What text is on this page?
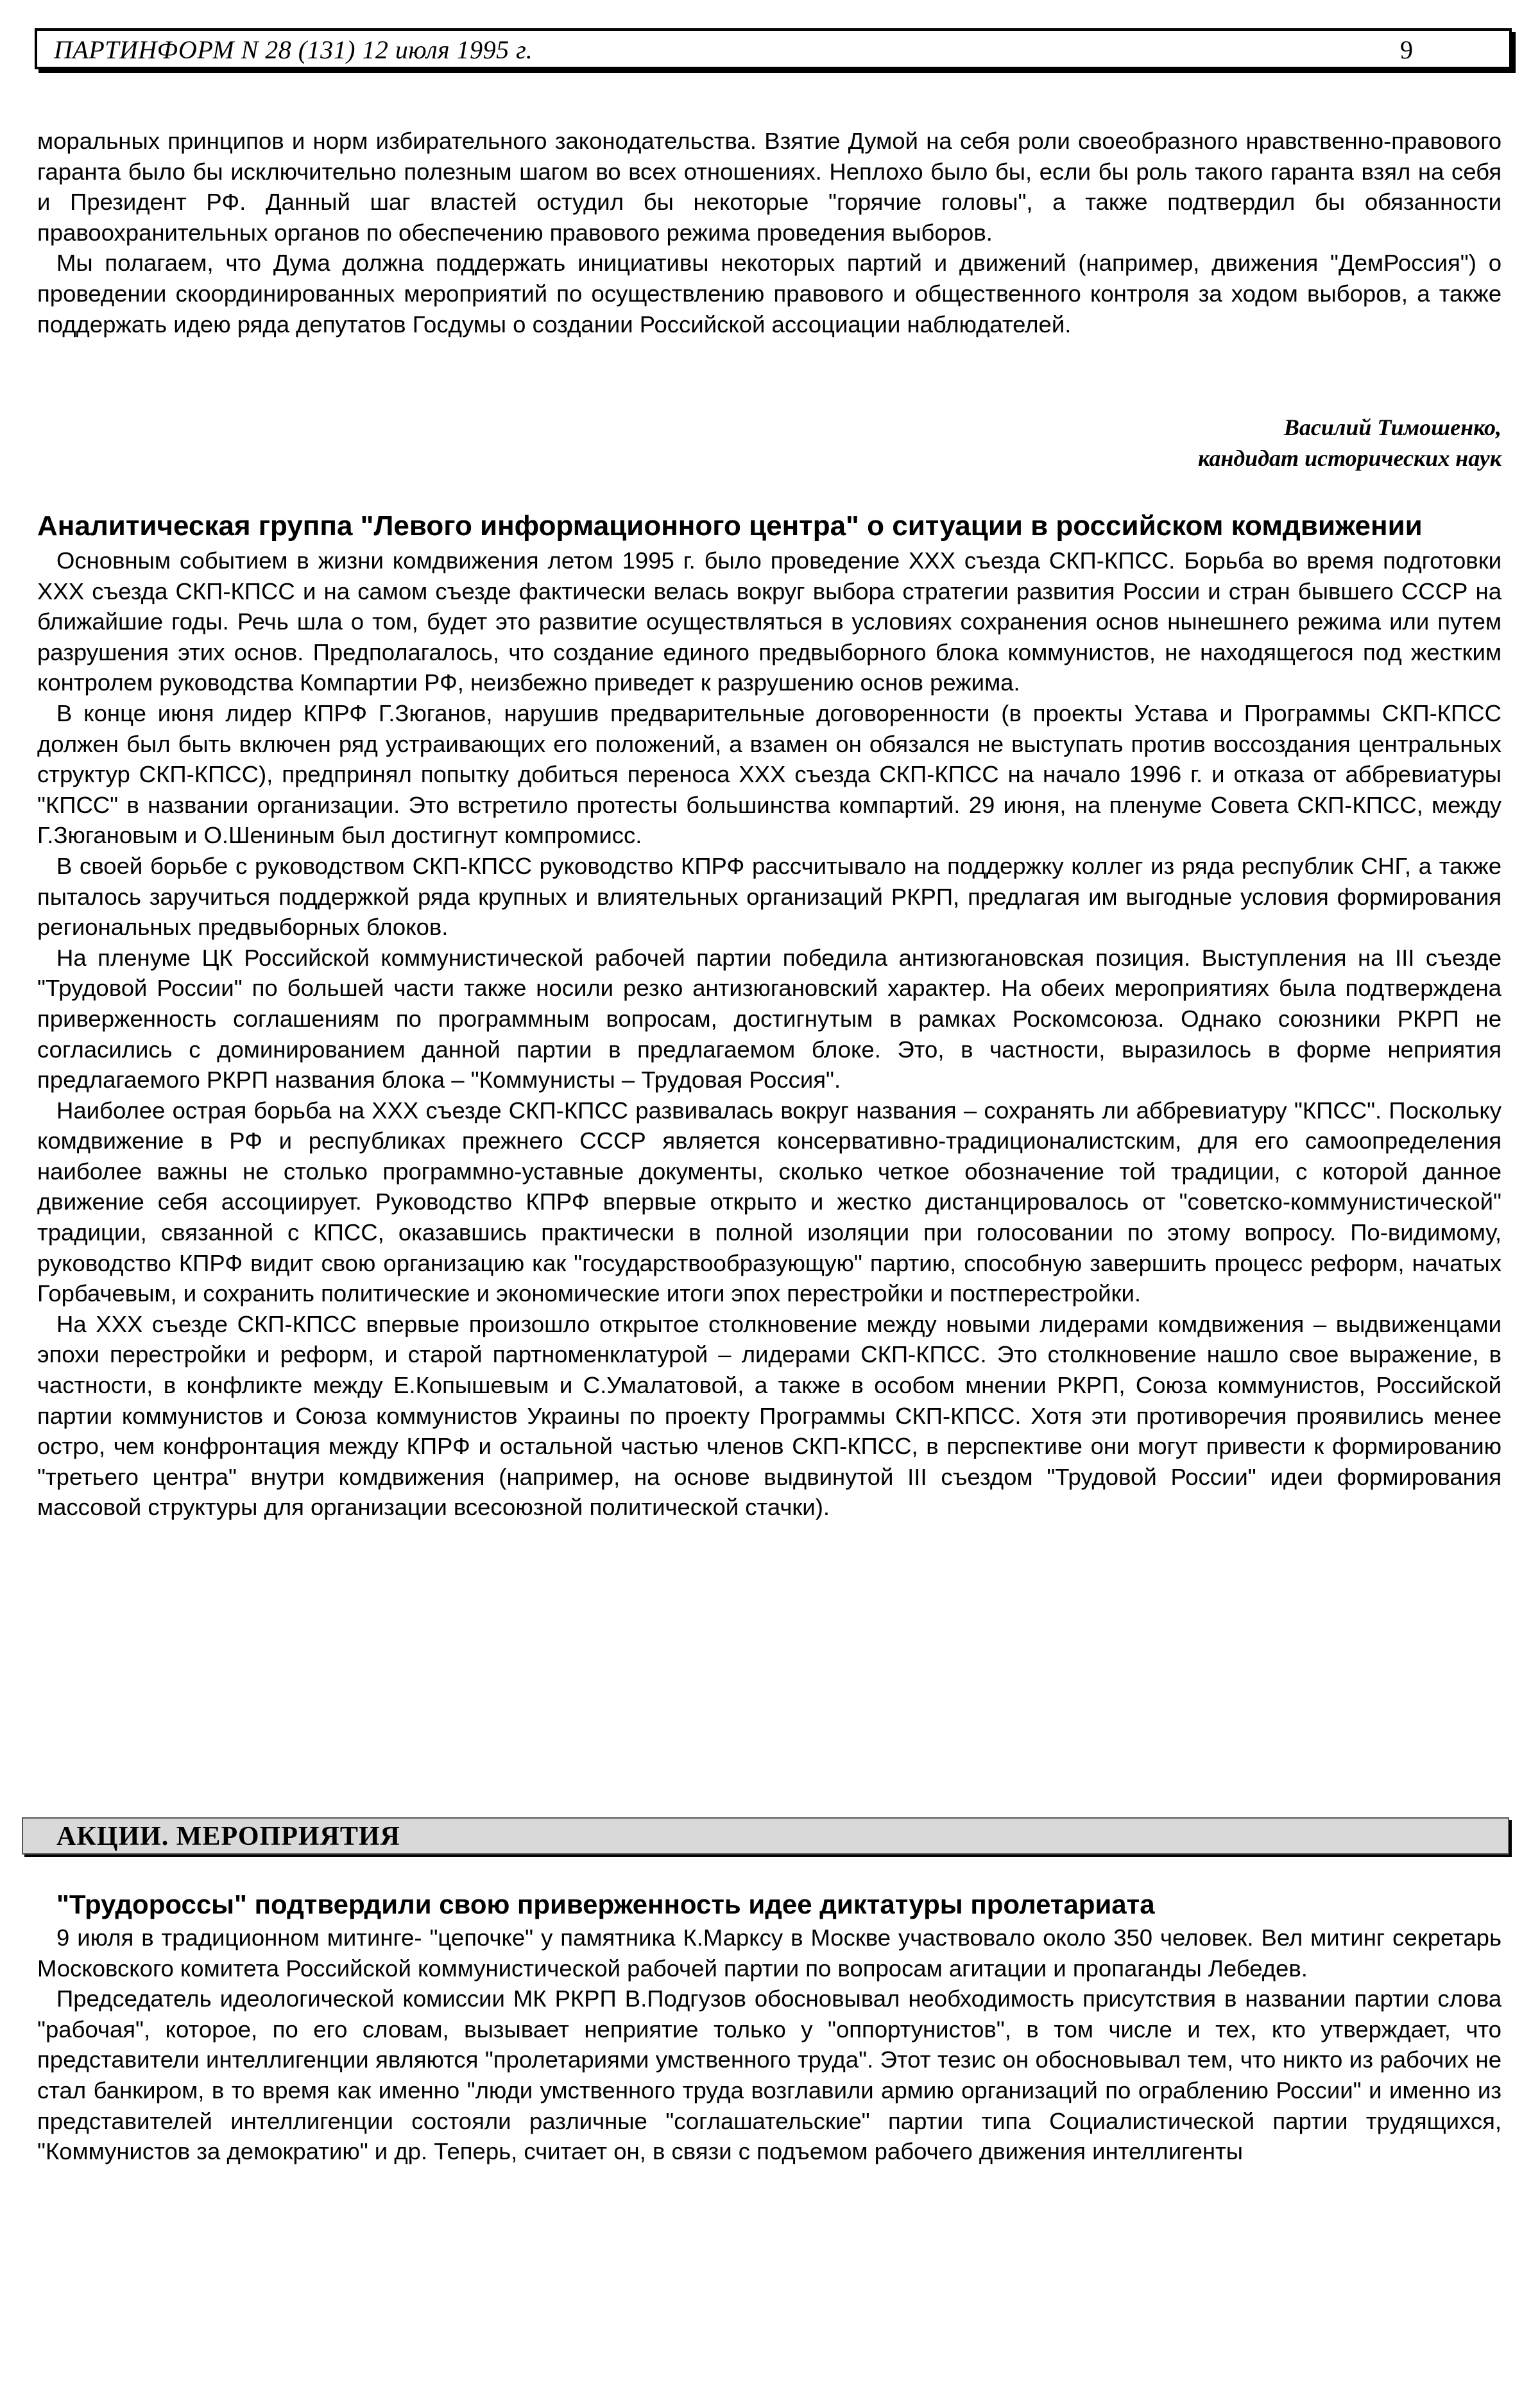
ПАРТИНФОРМ N 28 (131) 12 июля 1995 г.	9

моральных принципов и норм избирательного законодательства. Взятие Думой на себя роли своеобразного нравственно-правового гаранта было бы исключительно полезным шагом во всех отношениях. Неплохо было бы, если бы роль такого гаранта взял на себя и Президент РФ. Данный шаг властей остудил бы некоторые "горячие головы", а также подтвердил бы обязанности правоохранительных органов по обеспечению правового режима проведения выборов.

Мы полагаем, что Дума должна поддержать инициативы некоторых партий и движений (например, движения "ДемРоссия") о проведении скоординированных мероприятий по осуществлению правового и общественного контроля за ходом выборов, а также поддержать идею ряда депутатов Госдумы о создании Российской ассоциации наблюдателей.

Василий Тимошенко,
кандидат исторических наук
Аналитическая группа "Левого информационного центра" о ситуации в российском комдвижении

Основным событием в жизни комдвижения летом 1995 г. было проведение XXX съезда СКП-КПСС. Борьба во время подготовки XXX съезда СКП-КПСС и на самом съезде фактически велась вокруг выбора стратегии развития России и стран бывшего СССР на ближайшие годы. Речь шла о том, будет это развитие осуществляться в условиях сохранения основ нынешнего режима или путем разрушения этих основ. Предполагалось, что создание единого предвыборного блока коммунистов, не находящегося под жестким контролем руководства Компартии РФ, неизбежно приведет к разрушению основ режима.

В конце июня лидер КПРФ Г.Зюганов, нарушив предварительные договоренности (в проекты Устава и Программы СКП-КПСС должен был быть включен ряд устраивающих его положений, а взамен он обязался не выступать против воссоздания центральных структур СКП-КПСС), предпринял попытку добиться переноса XXX съезда СКП-КПСС на начало 1996 г. и отказа от аббревиатуры "КПСС" в названии организации. Это встретило протесты большинства компартий. 29 июня, на пленуме Совета СКП-КПСС, между Г.Зюгановым и О.Шениным был достигнут компромисс.

В своей борьбе с руководством СКП-КПСС руководство КПРФ рассчитывало на поддержку коллег из ряда республик СНГ, а также пыталось заручиться поддержкой ряда крупных и влиятельных организаций РКРП, предлагая им выгодные условия формирования региональных предвыборных блоков.

На пленуме ЦК Российской коммунистической рабочей партии победила антизюгановская позиция. Выступления на III съезде "Трудовой России" по большей части также носили резко антизюгановский характер. На обеих мероприятиях была подтверждена приверженность соглашениям по программным вопросам, достигнутым в рамках Роскомсоюза. Однако союзники РКРП не согласились с доминированием данной партии в предлагаемом блоке. Это, в частности, выразилось в форме неприятия предлагаемого РКРП названия блока – "Коммунисты – Трудовая Россия".

Наиболее острая борьба на XXX съезде СКП-КПСС развивалась вокруг названия – сохранять ли аббревиатуру "КПСС". Поскольку комдвижение в РФ и республиках прежнего СССР является консервативно-традиционалистским, для его самоопределения наиболее важны не столько программно-уставные документы, сколько четкое обозначение той традиции, с которой данное движение себя ассоциирует. Руководство КПРФ впервые открыто и жестко дистанцировалось от "советско-коммунистической" традиции, связанной с КПСС, оказавшись практически в полной изоляции при голосовании по этому вопросу. По-видимому, руководство КПРФ видит свою организацию как "государствообразующую" партию, способную завершить процесс реформ, начатых Горбачевым, и сохранить политические и экономические итоги эпох перестройки и постперестройки.

На XXX съезде СКП-КПСС впервые произошло открытое столкновение между новыми лидерами комдвижения – выдвиженцами эпохи перестройки и реформ, и старой партноменклатурой – лидерами СКП-КПСС. Это столкновение нашло свое выражение, в частности, в конфликте между Е.Копышевым и С.Умалатовой, а также в особом мнении РКРП, Союза коммунистов, Российской партии коммунистов и Союза коммунистов Украины по проекту Программы СКП-КПСС. Хотя эти противоречия проявились менее остро, чем конфронтация между КПРФ и остальной частью членов СКП-КПСС, в перспективе они могут привести к формированию "третьего центра" внутри комдвижения (например, на основе выдвинутой III съездом "Трудовой России" идеи формирования массовой структуры для организации всесоюзной политической стачки).

АКЦИИ. МЕРОПРИЯТИЯ
"Трудороссы" подтвердили свою приверженность идее диктатуры пролетариата

9 июля в традиционном митинге- "цепочке" у памятника К.Марксу в Москве участвовало около 350 человек. Вел митинг секретарь Московского комитета Российской коммунистической рабочей партии по вопросам агитации и пропаганды Лебедев.

Председатель идеологической комиссии МК РКРП В.Подгузов обосновывал необходимость присутствия в названии партии слова "рабочая", которое, по его словам, вызывает неприятие только у "оппортунистов", в том числе и тех, кто утверждает, что представители интеллигенции являются "пролетариями умственного труда". Этот тезис он обосновывал тем, что никто из рабочих не стал банкиром, в то время как именно "люди умственного труда возглавили армию организаций по ограблению России" и именно из представителей интеллигенции состояли различные "соглашательские" партии типа Социалистической партии трудящихся, "Коммунистов за демократию" и др. Теперь, считает он, в связи с подъемом рабочего движения интеллигенты
